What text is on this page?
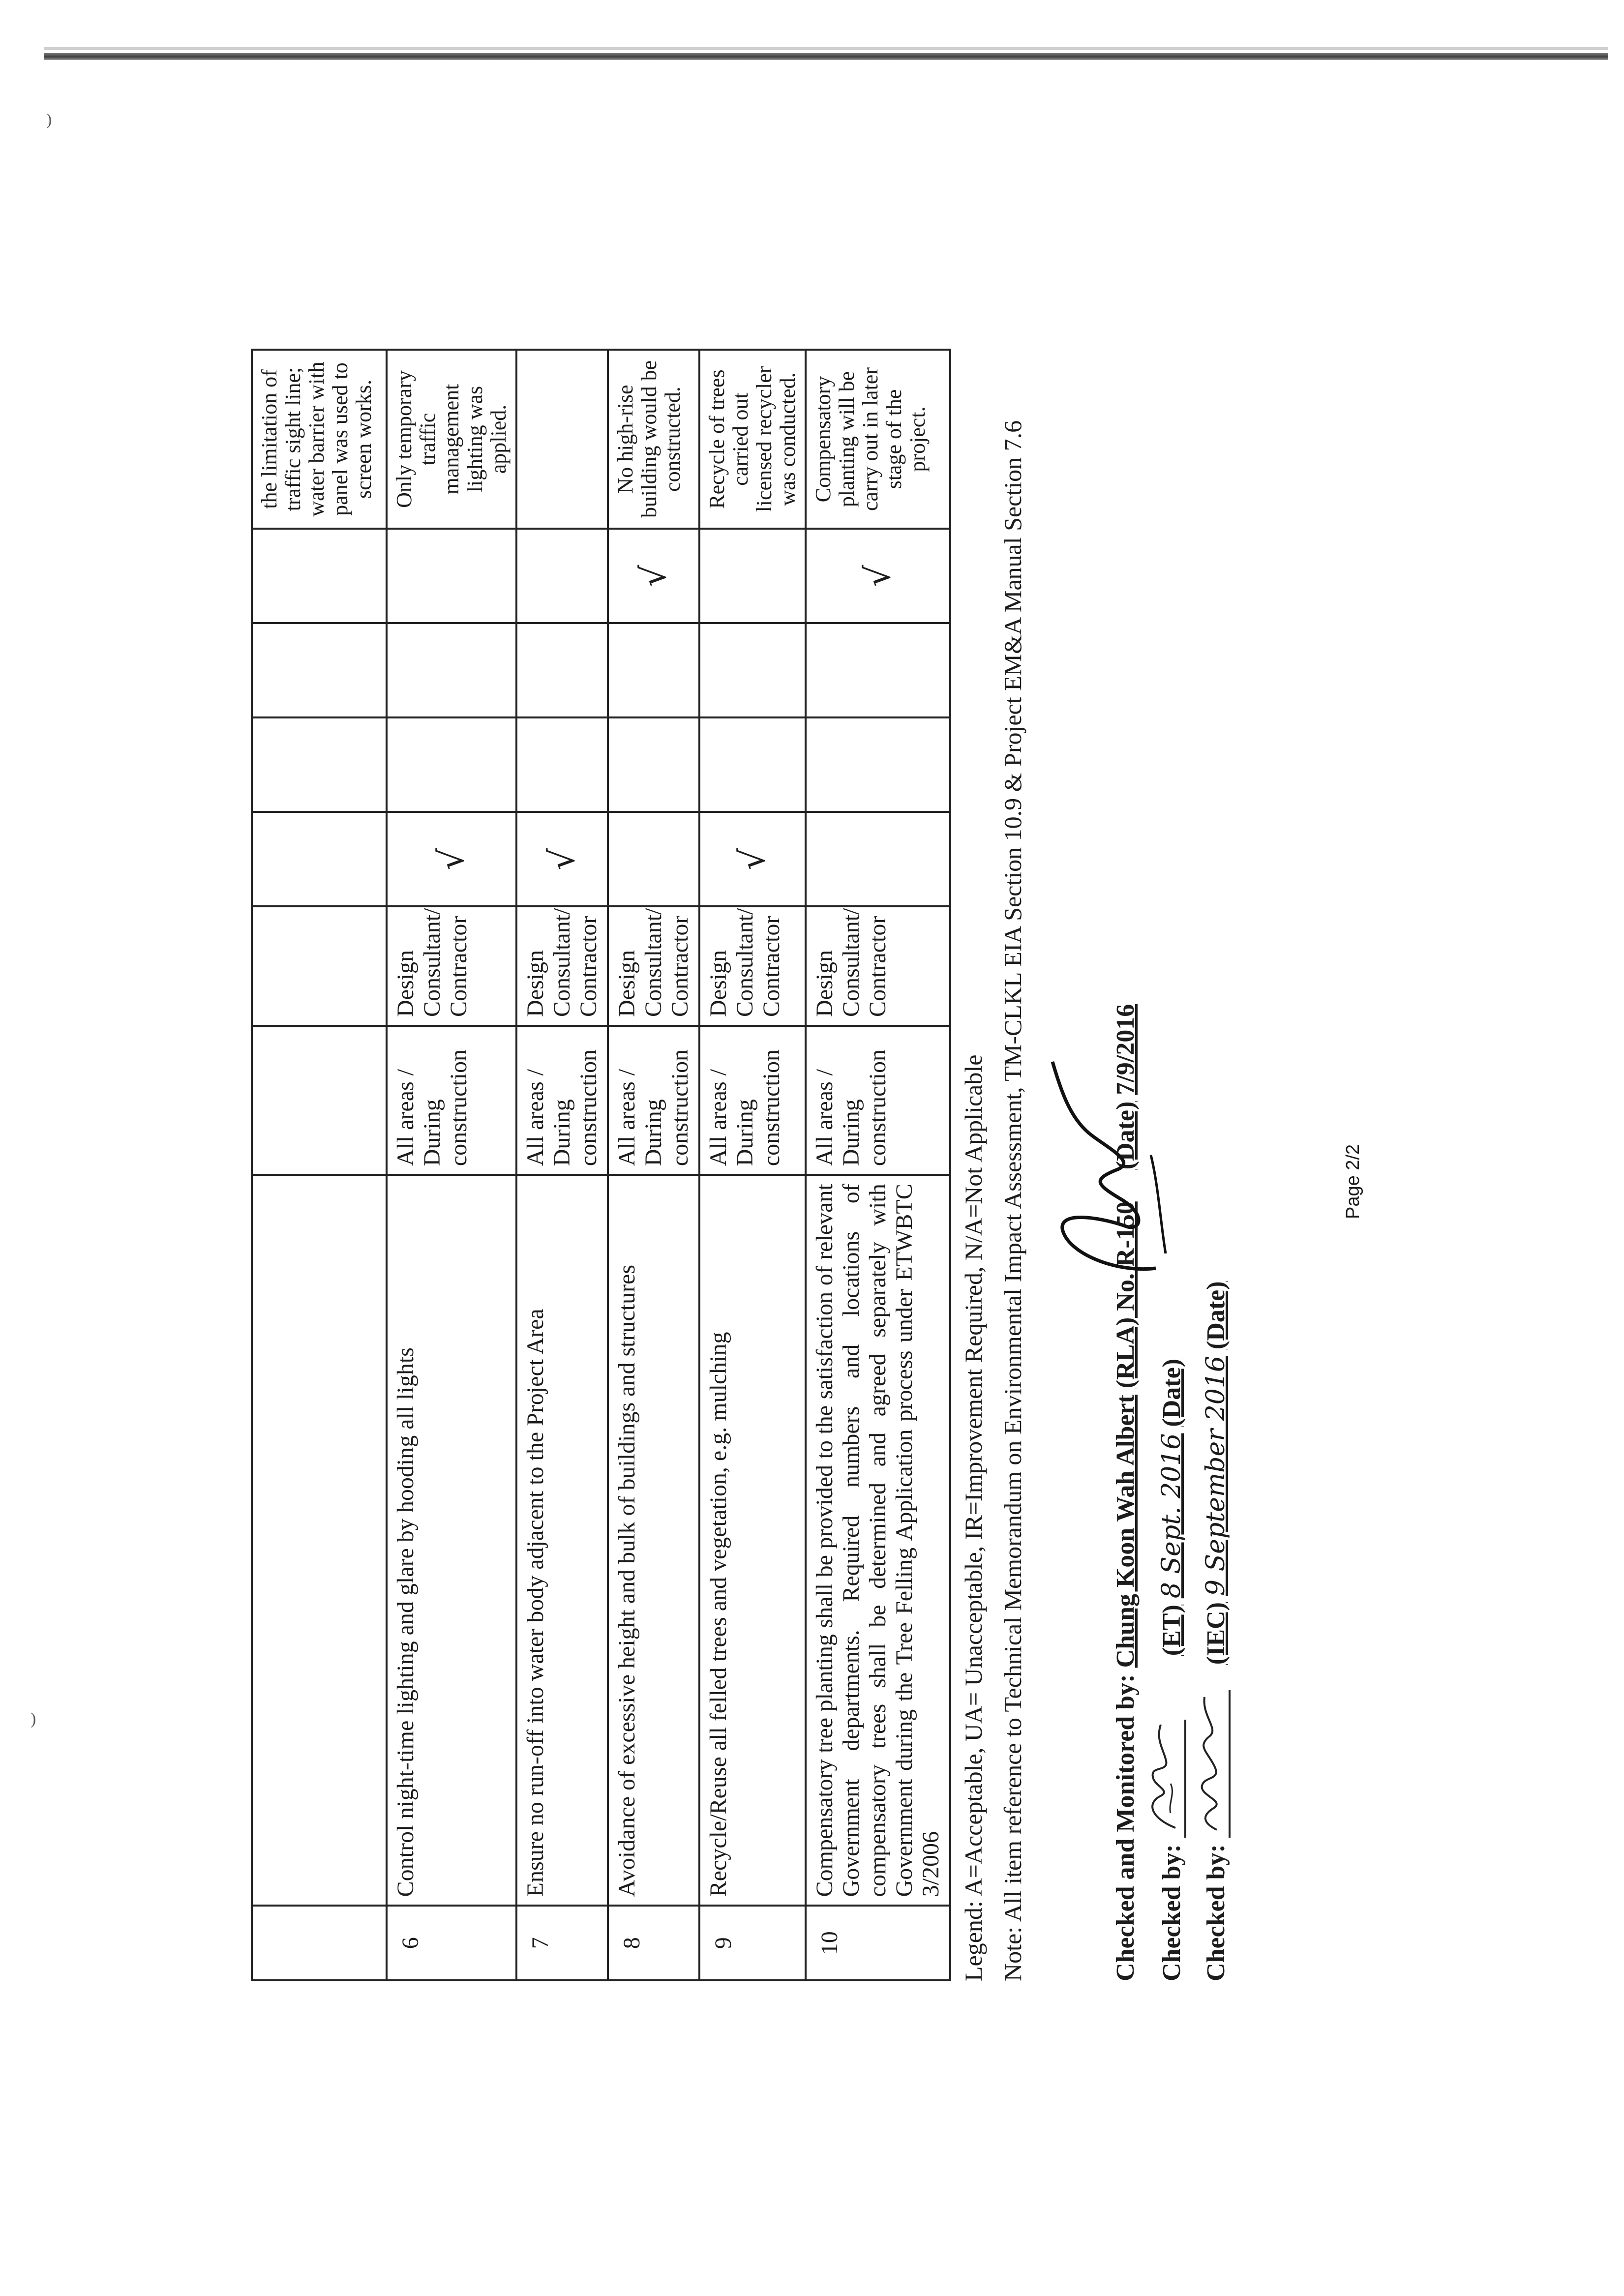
)
)
								the limitation of traffic sight line; water barrier with panel was used to screen works.
6	Control night-time lighting and glare by hooding all lights	All areas / During construction	Design Consultant/ Contractor	√				Only temporary traffic management lighting was applied.
7	Ensure no run-off into water body adjacent to the Project Area	All areas / During construction	Design Consultant/ Contractor	√				
8	Avoidance of excessive height and bulk of buildings and structures	All areas / During construction	Design Consultant/ Contractor				√	No high-rise building would be constructed.
9	Recycle/Reuse all felled trees and vegetation, e.g. mulching	All areas / During construction	Design Consultant/ Contractor	√				Recycle of trees carried out licensed recycler was conducted.
10	Compensatory tree planting shall be provided to the satisfaction of relevant Government departments. Required numbers and locations of compensatory trees shall be determined and agreed separately with Government during the Tree Felling Application process under ETWBTC 3/2006	All areas / During construction	Design Consultant/ Contractor				√	Compensatory planting will be carry out in later stage of the project.
Legend: A=Acceptable, UA= Unacceptable, IR=Improvement Required, N/A=Not Applicable Note: All item reference to Technical Memorandum on Environmental Impact Assessment, TM-CLKL EIA Section 10.9 & Project EM&A Manual Section 7.6	Checked and Monitored by: Chung Koon Wah Albert (RLA) No. R-150     (Date) 7/9/2016
Checked by:
(ET) 8 Sept. 2016 (Date)
Checked by:
(IEC) 9 September 2016 (Date)
Page 2/2
